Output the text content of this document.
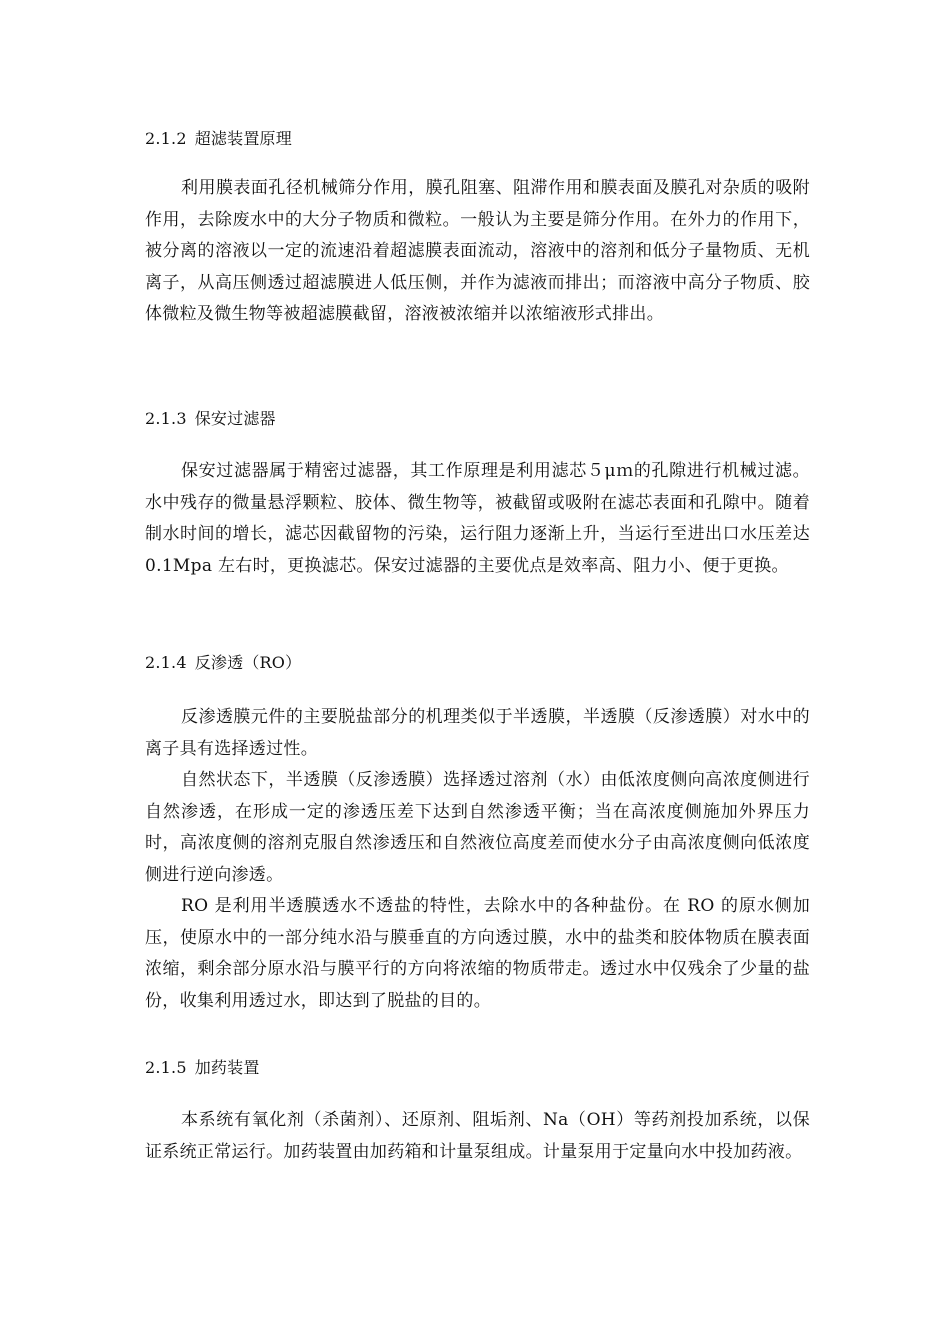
2.1.2 超滤装置原理

利用膜表面孔径机械筛分作用，膜孔阻塞、阻滞作用和膜表面及膜孔对杂质的吸附作用，去除废水中的大分子物质和微粒。一般认为主要是筛分作用。在外力的作用下，被分离的溶液以一定的流速沿着超滤膜表面流动，溶液中的溶剂和低分子量物质、无机离子，从高压侧透过超滤膜进人低压侧，并作为滤液而排出；而溶液中高分子物质、胶体微粒及微生物等被超滤膜截留，溶液被浓缩并以浓缩液形式排出。

2.1.3 保安过滤器

保安过滤器属于精密过滤器，其工作原理是利用滤芯５μｍ的孔隙进行机械过滤。水中残存的微量悬浮颗粒、胶体、微生物等，被截留或吸附在滤芯表面和孔隙中。随着制水时间的增长，滤芯因截留物的污染，运行阻力逐渐上升，当运行至进出口水压差达 0.1Mpa 左右时，更换滤芯。保安过滤器的主要优点是效率高、阻力小、便于更换。

2.1.4 反渗透（RO）

反渗透膜元件的主要脱盐部分的机理类似于半透膜，半透膜（反渗透膜）对水中的离子具有选择透过性。

自然状态下，半透膜（反渗透膜）选择透过溶剂（水）由低浓度侧向高浓度侧进行自然渗透，在形成一定的渗透压差下达到自然渗透平衡；当在高浓度侧施加外界压力时，高浓度侧的溶剂克服自然渗透压和自然液位高度差而使水分子由高浓度侧向低浓度侧进行逆向渗透。

RO 是利用半透膜透水不透盐的特性，去除水中的各种盐份。在 RO 的原水侧加压，使原水中的一部分纯水沿与膜垂直的方向透过膜，水中的盐类和胶体物质在膜表面浓缩，剩余部分原水沿与膜平行的方向将浓缩的物质带走。透过水中仅残余了少量的盐份，收集利用透过水，即达到了脱盐的目的。

2.1.5 加药装置

本系统有氧化剂（杀菌剂）、还原剂、阻垢剂、Na（OH）等药剂投加系统，以保证系统正常运行。加药装置由加药箱和计量泵组成。计量泵用于定量向水中投加药液。
